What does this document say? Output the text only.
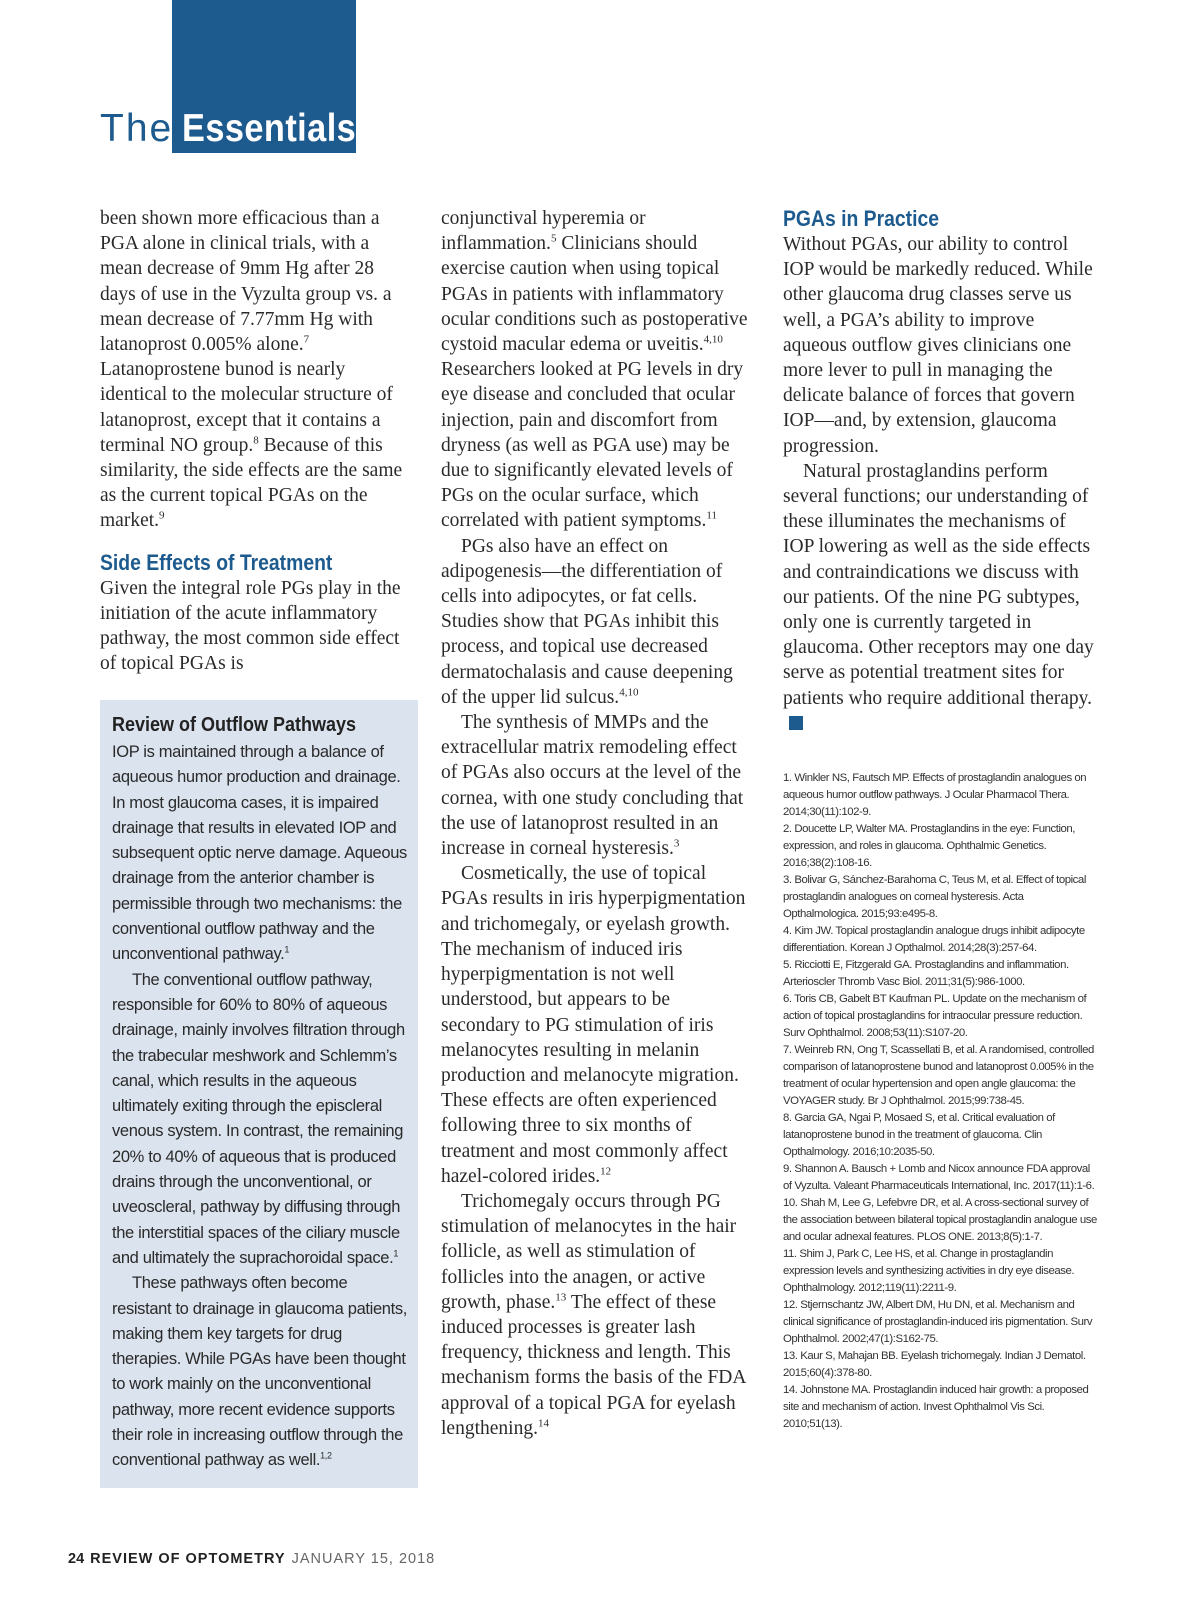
The Essentials

been shown more efficacious than a PGA alone in clinical trials, with a mean decrease of 9mm Hg after 28 days of use in the Vyzulta group vs. a mean decrease of 7.77mm Hg with latanoprost 0.005% alone.$^7$ Latanoprostene bunod is nearly identical to the molecular structure of latanoprost, except that it contains a terminal NO group.$^8$ Because of this similarity, the side effects are the same as the current topical PGAs on the market.$^9$

Side Effects of Treatment

Given the integral role PGs play in the initiation of the acute inflammatory pathway, the most common side effect of topical PGAs is

Review of Outflow Pathways

IOP is maintained through a balance of aqueous humor production and drainage. In most glaucoma cases, it is impaired drainage that results in elevated IOP and subsequent optic nerve damage. Aqueous drainage from the anterior chamber is permissible through two mechanisms: the conventional outflow pathway and the unconventional pathway.$^1$

The conventional outflow pathway, responsible for 60% to 80% of aqueous drainage, mainly involves filtration through the trabecular meshwork and Schlemm’s canal, which results in the aqueous ultimately exiting through the episcleral venous system. In contrast, the remaining 20% to 40% of aqueous that is produced drains through the unconventional, or uveoscleral, pathway by diffusing through the interstitial spaces of the ciliary muscle and ultimately the suprachoroidal space.$^1$

These pathways often become resistant to drainage in glaucoma patients, making them key targets for drug therapies. While PGAs have been thought to work mainly on the unconventional pathway, more recent evidence supports their role in increasing outflow through the conventional pathway as well.$^{1,2}$

conjunctival hyperemia or inflammation.$^5$ Clinicians should exercise caution when using topical PGAs in patients with inflammatory ocular conditions such as postoperative cystoid macular edema or uveitis.$^{4,10}$ Researchers looked at PG levels in dry eye disease and concluded that ocular injection, pain and discomfort from dryness (as well as PGA use) may be due to significantly elevated levels of PGs on the ocular surface, which correlated with patient symptoms.$^{11}$

PGs also have an effect on adipogenesis—the differentiation of cells into adipocytes, or fat cells. Studies show that PGAs inhibit this process, and topical use decreased dermatochalasis and cause deepening of the upper lid sulcus.$^{4,10}$

The synthesis of MMPs and the extracellular matrix remodeling effect of PGAs also occurs at the level of the cornea, with one study concluding that the use of latanoprost resulted in an increase in corneal hysteresis.$^3$

Cosmetically, the use of topical PGAs results in iris hyperpigmentation and trichomegaly, or eyelash growth. The mechanism of induced iris hyperpigmentation is not well understood, but appears to be secondary to PG stimulation of iris melanocytes resulting in melanin production and melanocyte migration. These effects are often experienced following three to six months of treatment and most commonly affect hazel-colored irides.$^{12}$

Trichomegaly occurs through PG stimulation of melanocytes in the hair follicle, as well as stimulation of follicles into the anagen, or active growth, phase.$^{13}$ The effect of these induced processes is greater lash frequency, thickness and length. This mechanism forms the basis of the FDA approval of a topical PGA for eyelash lengthening.$^{14}$

PGAs in Practice

Without PGAs, our ability to control IOP would be markedly reduced. While other glaucoma drug classes serve us well, a PGA’s ability to improve aqueous outflow gives clinicians one more lever to pull in managing the delicate balance of forces that govern IOP—and, by extension, glaucoma progression.

Natural prostaglandins perform several functions; our understanding of these illuminates the mechanisms of IOP lowering as well as the side effects and contraindications we discuss with our patients. Of the nine PG subtypes, only one is currently targeted in glaucoma. Other receptors may one day serve as potential treatment sites for patients who require additional therapy.

1. Winkler NS, Fautsch MP. Effects of prostaglandin analogues on aqueous humor outflow pathways. J Ocular Pharmacol Thera. 2014;30(11):102-9.

2. Doucette LP, Walter MA. Prostaglandins in the eye: Function, expression, and roles in glaucoma. Ophthalmic Genetics. 2016;38(2):108-16.

3. Bolivar G, Sánchez-Barahoma C, Teus M, et al. Effect of topical prostaglandin analogues on corneal hysteresis. Acta Opthalmologica. 2015;93:e495-8.

4. Kim JW. Topical prostaglandin analogue drugs inhibit adipocyte differentiation. Korean J Opthalmol. 2014;28(3):257-64.

5. Ricciotti E, Fitzgerald GA. Prostaglandins and inflammation. Arterioscler Thromb Vasc Biol. 2011;31(5):986-1000.

6. Toris CB, Gabelt BT Kaufman PL. Update on the mechanism of action of topical prostaglandins for intraocular pressure reduction. Surv Ophthalmol. 2008;53(11):S107-20.

7. Weinreb RN, Ong T, Scassellati B, et al. A randomised, controlled comparison of latanoprostene bunod and latanoprost 0.005% in the treatment of ocular hypertension and open angle glaucoma: the VOYAGER study. Br J Ophthalmol. 2015;99:738-45.

8. Garcia GA, Ngai P, Mosaed S, et al. Critical evaluation of latanoprostene bunod in the treatment of glaucoma. Clin Opthalmology. 2016;10:2035-50.

9. Shannon A. Bausch + Lomb and Nicox announce FDA approval of Vyzulta. Valeant Pharmaceuticals International, Inc. 2017(11):1-6.

10. Shah M, Lee G, Lefebvre DR, et al. A cross-sectional survey of the association between bilateral topical prostaglandin analogue use and ocular adnexal features. PLOS ONE. 2013;8(5):1-7.

11. Shim J, Park C, Lee HS, et al. Change in prostaglandin expression levels and synthesizing activities in dry eye disease. Ophthalmology. 2012;119(11):2211-9.

12. Stjernschantz JW, Albert DM, Hu DN, et al. Mechanism and clinical significance of prostaglandin-induced iris pigmentation. Surv Ophthalmol. 2002;47(1):S162-75.

13. Kaur S, Mahajan BB. Eyelash trichomegaly. Indian J Dematol. 2015;60(4):378-80.

14. Johnstone MA. Prostaglandin induced hair growth: a proposed site and mechanism of action. Invest Ophthalmol Vis Sci. 2010;51(13).

24 REVIEW OF OPTOMETRY JANUARY 15, 2018
